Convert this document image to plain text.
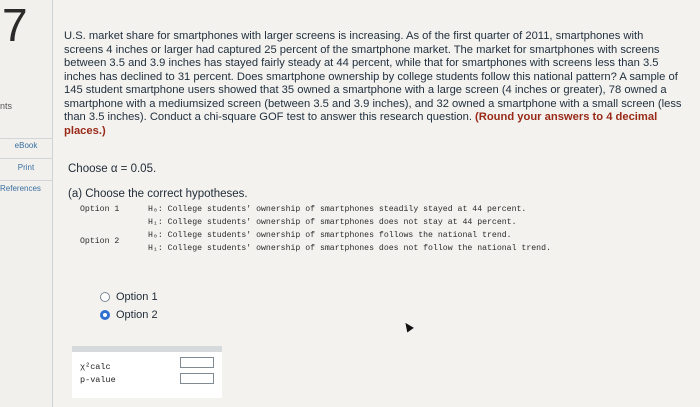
7
nts
eBook
Print
References
U.S. market share for smartphones with larger screens is increasing. As of the first quarter of 2011, smartphones with screens 4 inches or larger had captured 25 percent of the smartphone market. The market for smartphones with screens between 3.5 and 3.9 inches has stayed fairly steady at 44 percent, while that for smartphones with screens less than 3.5 inches has declined to 31 percent. Does smartphone ownership by college students follow this national pattern? A sample of 145 student smartphone users showed that 35 owned a smartphone with a large screen (4 inches or greater), 78 owned a smartphone with a mediumsized screen (between 3.5 and 3.9 inches), and 32 owned a smartphone with a small screen (less than 3.5 inches). Conduct a chi-square GOF test to answer this research question. (Round your answers to 4 decimal places.)
Choose α = 0.05.
(a) Choose the correct hypotheses.
Option 1	H₀: College students' ownership of smartphones steadily stayed at 44 percent.
H₁: College students' ownership of smartphones does not stay at 44 percent.
H₀: College students' ownership of smartphones follows the national trend.
Option 2
H₁: College students' ownership of smartphones does not follow the national trend.
Option 1
Option 2
χ²calc
p-value
